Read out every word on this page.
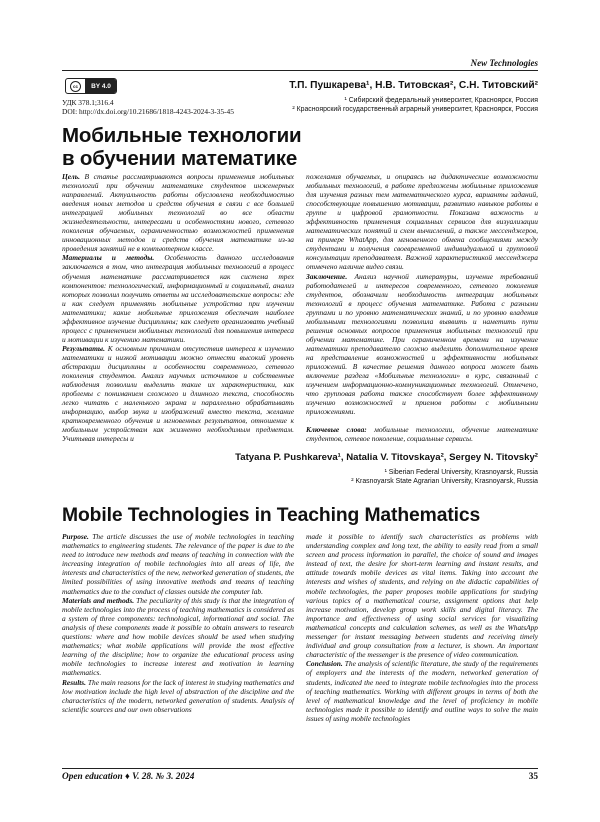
New Technologies
cc	BY 4.0
УДК 378.1;316.4
DOI: http://dx.doi.org/10.21686/1818-4243-2024-3-35-45
Т.П. Пушкарева¹, Н.В. Титовская², С.Н. Титовский²
¹ Сибирский федеральный университет, Красноярск, Россия
² Красноярский государственный аграрный университет, Красноярск, Россия
Мобильные технологии
в обучении математике

Цель. В статье рассматриваются вопросы применения мобильных технологий при обучении математике студентов инженерных направлений. Актуальность работы обусловлена необходимостью введения новых методов и средств обучения в связи с все большей интеграцией мобильных технологий во все области жизнедеятельности, интересами и особенностями нового, сетевого поколения обучаемых, ограниченностью возможностей применения инновационных методов и средств обучения математике из-за проведения занятий не в компьютерном классе.

Материалы и методы. Особенность данного исследования заключается в том, что интеграция мобильных технологий в процесс обучения математике рассматривается как система трех компонентов: технологический, информационный и социальный, анализ которых позволил получить ответы на исследовательские вопросы: где и как следует применять мобильные устройства при изучении математики; какие мобильные приложения обеспечат наиболее эффективное изучение дисциплины; как следует организовать учебный процесс с применением мобильных технологий для повышения интереса и мотивации к изучению математики.

Результаты. К основным причинам отсутствия интереса к изучению математики и низкой мотивации можно отнести высокий уровень абстракции дисциплины и особенности современного, сетевого поколения студентов. Анализ научных источников и собственные наблюдения позволили выделить такие их характеристики, как проблемы с пониманием сложного и длинного текста, способность легко читать с маленького экрана и параллельно обрабатывать информацию, выбор звука и изображений вместо текста, желание кратковременного обучения и мгновенных результатов, отношение к мобильным устройствам как жизненно необходимым предметам. Учитывая интересы и

пожелания обучаемых, и опираясь на дидактические возможности мобильных технологий, в работе предложены мобильные приложения для изучения разных тем математического курса, варианты заданий, способствующие повышению мотивации, развитию навыков работы в группе и цифровой грамотности. Показана важность и эффективность применения социальных сервисов для визуализации математических понятий и схем вычислений, а также мессенджеров, на примере WhatApp, для мгновенного обмена сообщениями между студентами и получения своевременной индивидуальной и групповой консультации преподавателя. Важной характеристикой мессенджера отмечено наличие видео связи.

Заключение. Анализ научной литературы, изучение требований работодателей и интересов современного, сетевого поколения студентов, обозначили необходимость интеграции мобильных технологий в процесс обучения математике. Работа с разными группами и по уровню математических знаний, и по уровню владения мобильными технологиями позволила выявить и наметить пути решения основных вопросов применения мобильных технологий при обучении математике. При ограниченном времени на изучение математики преподавателю сложно выделить дополнительное время на представление возможностей и эффективности мобильных приложений. В качестве решения данного вопроса может быть включение раздела «Мобильные технологии» в курс, связанный с изучением информационно-коммуникационных технологий. Отмечено, что групповая работа также способствует более эффективному изучению возможностей и приемов работы с мобильными приложениями.

Ключевые слова: мобильные технологии, обучение математике студентов, сетевое поколение, социальные сервисы.

Tatyana P. Pushkareva¹, Natalia V. Titovskaya², Sergey N. Titovsky²
¹ Siberian Federal University, Krasnoyarsk, Russia
² Krasnoyarsk State Agrarian University, Krasnoyarsk, Russia
Mobile Technologies in Teaching Mathematics

Purpose. The article discusses the use of mobile technologies in teaching mathematics to engineering students. The relevance of the paper is due to the need to introduce new methods and means of teaching in connection with the increasing integration of mobile technologies into all areas of life, the interests and characteristics of the new, networked generation of students, the limited possibilities of using innovative methods and means of teaching mathematics due to the conduct of classes outside the computer lab.

Materials and methods. The peculiarity of this study is that the integration of mobile technologies into the process of teaching mathematics is considered as a system of three components: technological, informational and social. The analysis of these components made it possible to obtain answers to research questions: where and how mobile devices should be used when studying mathematics; what mobile applications will provide the most effective learning of the discipline; how to organize the educational process using mobile technologies to increase interest and motivation in learning mathematics.

Results. The main reasons for the lack of interest in studying mathematics and low motivation include the high level of abstraction of the discipline and the characteristics of the modern, networked generation of students. Analysis of scientific sources and our own observations

made it possible to identify such characteristics as problems with understanding complex and long text, the ability to easily read from a small screen and process information in parallel, the choice of sound and images instead of text, the desire for short-term learning and instant results, and attitude towards mobile devices as vital items. Taking into account the interests and wishes of students, and relying on the didactic capabilities of mobile technologies, the paper proposes mobile applications for studying various topics of a mathematical course, assignment options that help increase motivation, develop group work skills and digital literacy. The importance and effectiveness of using social services for visualizing mathematical concepts and calculation schemes, as well as the WhatsApp messenger for instant messaging between students and receiving timely individual and group consultation from a lecturer, is shown. An important characteristic of the messenger is the presence of video communication.

Conclusion. The analysis of scientific literature, the study of the requirements of employers and the interests of the modern, networked generation of students, indicated the need to integrate mobile technologies into the process of teaching mathematics. Working with different groups in terms of both the level of mathematical knowledge and the level of proficiency in mobile technologies made it possible to identify and outline ways to solve the main issues of using mobile technologies

Open education ♦ V. 28. № 3. 2024	35
